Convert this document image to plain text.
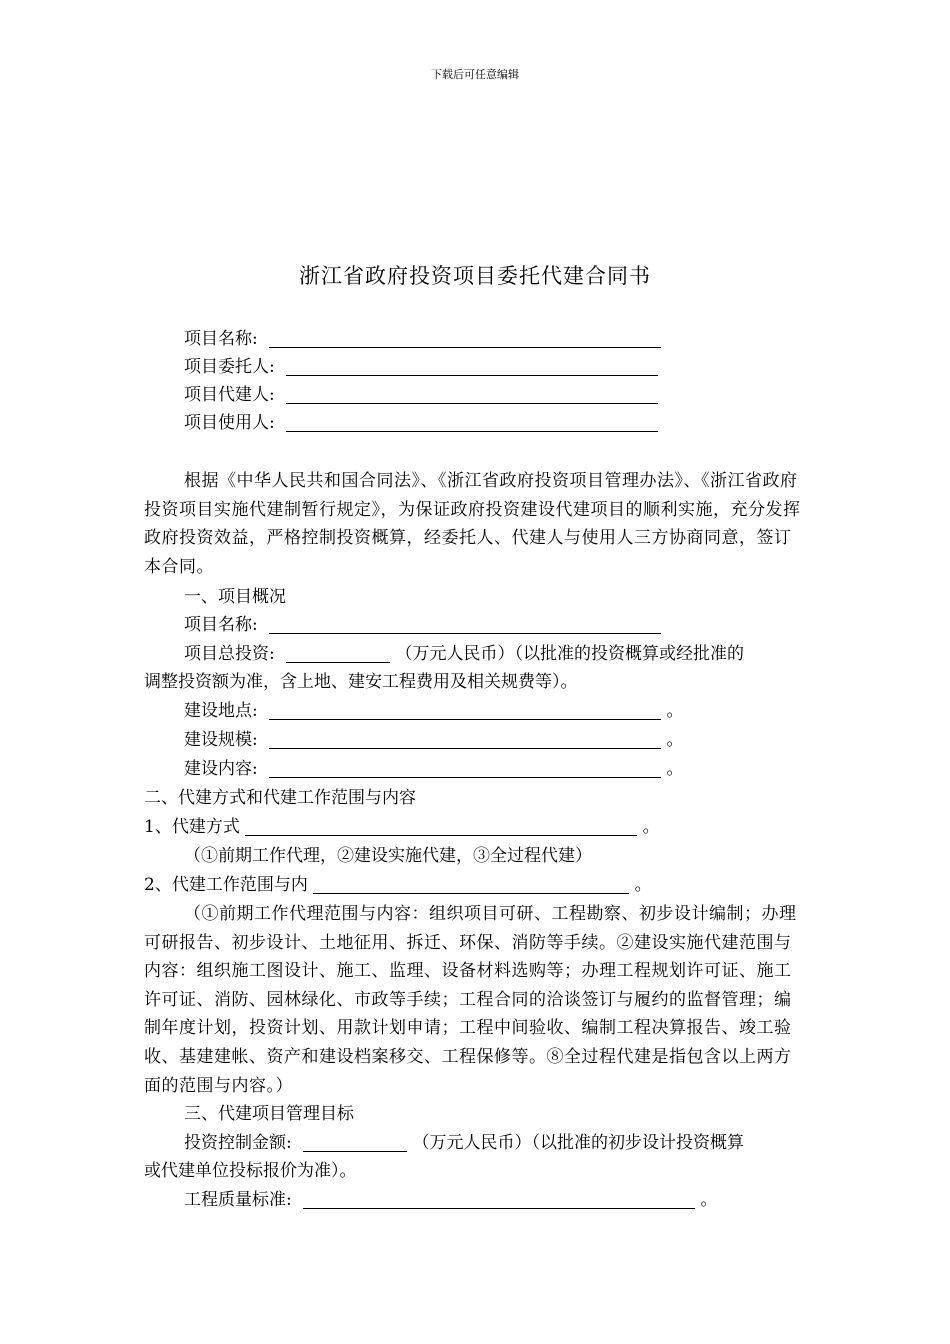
下载后可任意编辑
浙江省政府投资项目委托代建合同书
项目名称:
项目委托人:
项目代建人:
项目使用人:
根据《中华人民共和国合同法》、《浙江省政府投资项目管理办法》、《浙江省政府投资项目实施代建制暂行规定》，为保证政府投资建设代建项目的顺利实施，充分发挥政府投资效益，严格控制投资概算，经委托人、代建人与使用人三方协商同意，签订本合同。
一、项目概况
项目名称:
项目总投资:	（万元人民币）（以批准的投资概算或经批准的
调整投资额为准，含上地、建安工程费用及相关规费等）。
建设地点:	。
建设规模:	。
建设内容:	。
二、代建方式和代建工作范围与内容
1、代建方式	。
（①前期工作代理，②建设实施代建，③全过程代建）
2、代建工作范围与内	。
（①前期工作代理范围与内容：组织项目可研、工程勘察、初步设计编制；办理可研报告、初步设计、土地征用、拆迁、环保、消防等手续。②建设实施代建范围与内容：组织施工图设计、施工、监理、设备材料选购等；办理工程规划许可证、施工许可证、消防、园林绿化、市政等手续；工程合同的洽谈签订与履约的监督管理；编制年度计划，投资计划、用款计划申请；工程中间验收、编制工程决算报告、竣工验收、基建建帐、资产和建设档案移交、工程保修等。⑧全过程代建是指包含以上两方面的范围与内容。）
三、代建项目管理目标
投资控制金额:	（万元人民币）（以批准的初步设计投资概算
或代建单位投标报价为准）。
工程质量标准:	。
